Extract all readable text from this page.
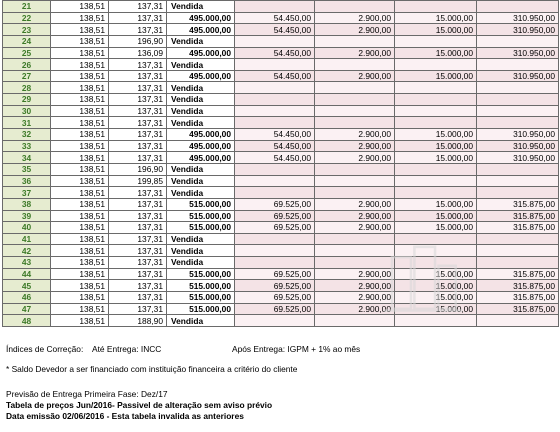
21	138,51	137,31	Vendida				
22	138,51	137,31	495.000,00	54.450,00	2.900,00	15.000,00	310.950,00
23	138,51	137,31	495.000,00	54.450,00	2.900,00	15.000,00	310.950,00
24	138,51	196,90	Vendida				
25	138,51	136,09	495.000,00	54.450,00	2.900,00	15.000,00	310.950,00
26	138,51	137,31	Vendida				
27	138,51	137,31	495.000,00	54.450,00	2.900,00	15.000,00	310.950,00
28	138,51	137,31	Vendida				
29	138,51	137,31	Vendida				
30	138,51	137,31	Vendida				
31	138,51	137,31	Vendida				
32	138,51	137,31	495.000,00	54.450,00	2.900,00	15.000,00	310.950,00
33	138,51	137,31	495.000,00	54.450,00	2.900,00	15.000,00	310.950,00
34	138,51	137,31	495.000,00	54.450,00	2.900,00	15.000,00	310.950,00
35	138,51	196,90	Vendida				
36	138,51	199,85	Vendida				
37	138,51	137,31	Vendida				
38	138,51	137,31	515.000,00	69.525,00	2.900,00	15.000,00	315.875,00
39	138,51	137,31	515.000,00	69.525,00	2.900,00	15.000,00	315.875,00
40	138,51	137,31	515.000,00	69.525,00	2.900,00	15.000,00	315.875,00
41	138,51	137,31	Vendida				
42	138,51	137,31	Vendida				
43	138,51	137,31	Vendida				
44	138,51	137,31	515.000,00	69.525,00	2.900,00	15.000,00	315.875,00
45	138,51	137,31	515.000,00	69.525,00	2.900,00	15.000,00	315.875,00
46	138,51	137,31	515.000,00	69.525,00	2.900,00	15.000,00	315.875,00
47	138,51	137,31	515.000,00	69.525,00	2.900,00	15.000,00	315.875,00
48	138,51	188,90	Vendida				
Índices de Correção: Até Entrega: INCC	Após Entrega: IGPM + 1% ao mês
* Saldo Devedor a ser financiado com instituição financeira a critério do cliente
Previsão de Entrega Primeira Fase: Dez/17
Tabela de preços Jun/2016- Passivel de alteração sem aviso prévio
Data emissão 02/06/2016 - Esta tabela invalida as anteriores
